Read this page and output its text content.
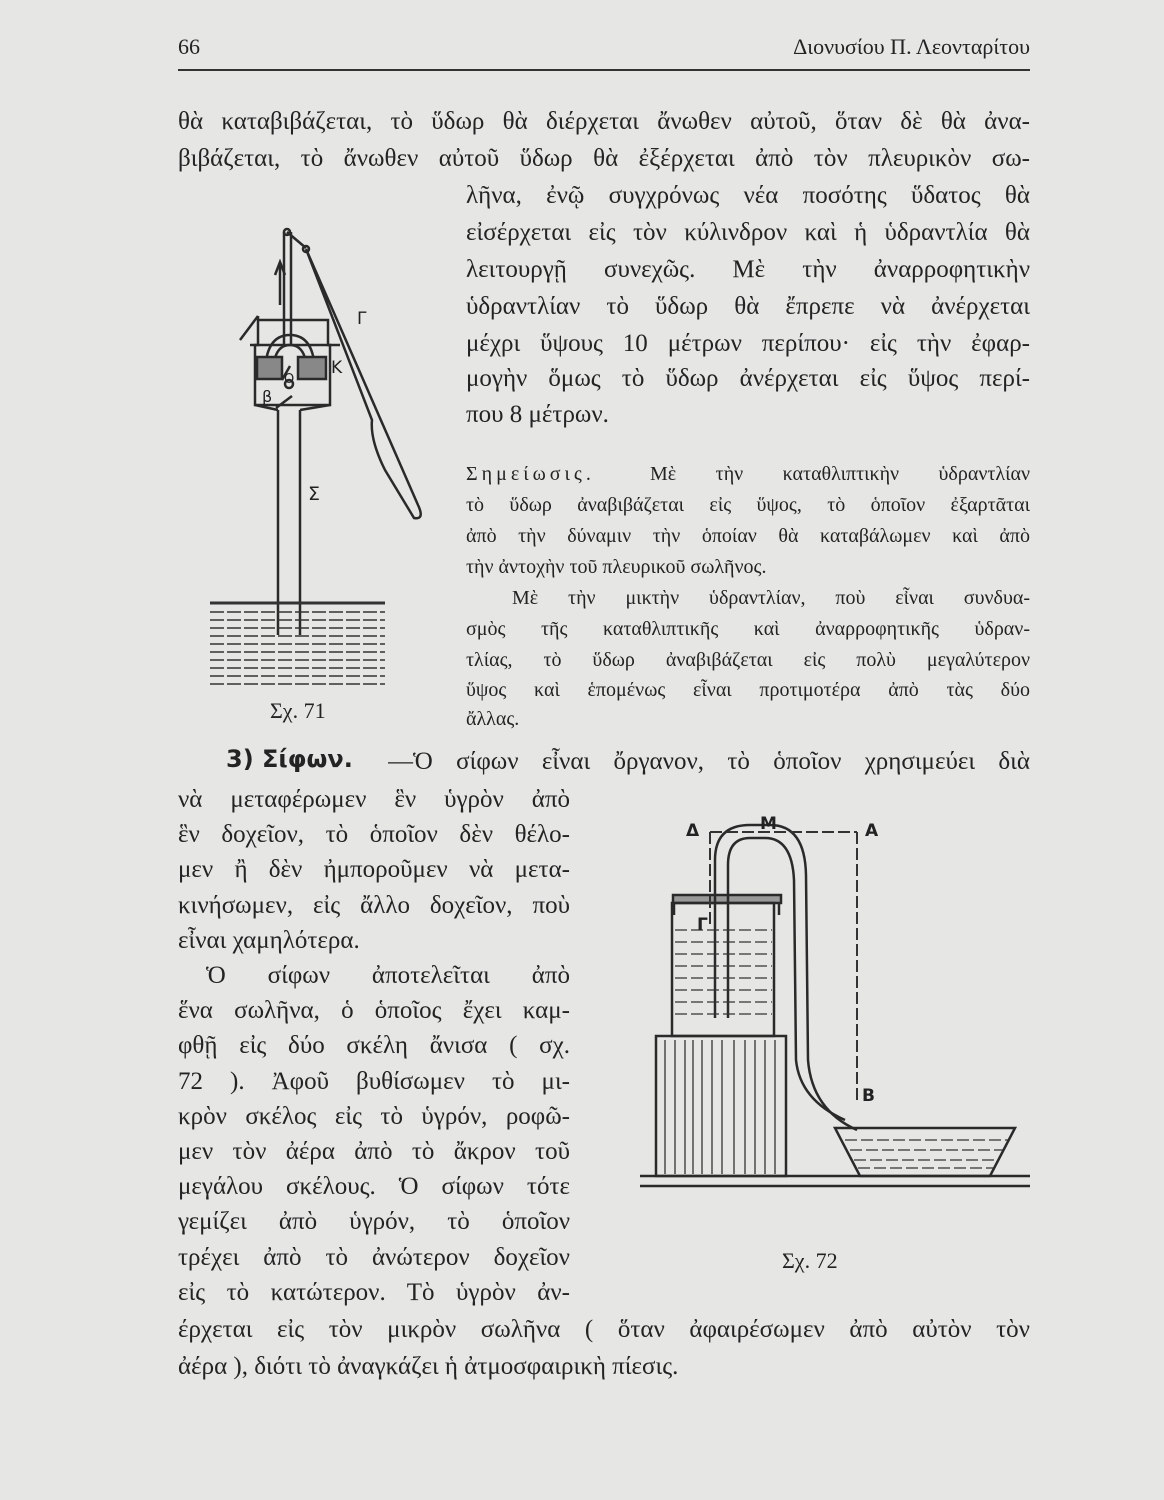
66	Διονυσίου Π. Λεονταρίτου
θὰ καταβιβάζεται, τὸ ὕδωρ θὰ διέρχεται ἄνωθεν αὐτοῦ, ὅταν δὲ θὰ ἀνα-
βιβάζεται, τὸ ἄνωθεν αὐτοῦ ὕδωρ θὰ ἐξέρχεται ἀπὸ τὸν πλευρικὸν σω-
λῆνα, ἐνῷ συγχρόνως νέα ποσότης ὕδατος θὰ
εἰσέρχεται εἰς τὸν κύλινδρον καὶ ἡ ὑδραντλία θὰ
λειτουργῇ συνεχῶς. Μὲ τὴν ἀναρροφητικὴν
ὑδραντλίαν τὸ ὕδωρ θὰ ἔπρεπε νὰ ἀνέρχεται
μέχρι ὕψους 10 μέτρων περίπου· εἰς τὴν ἐφαρ-
μογὴν ὅμως τὸ ὕδωρ ἀνέρχεται εἰς ὕψος περί-
που 8 μέτρων.
Σημείωσις.	Μὲ τὴν καταθλιπτικὴν ὑδραντλίαν
τὸ ὕδωρ ἀναβιβάζεται εἰς ὕψος, τὸ ὁποῖον ἐξαρτᾶται
ἀπὸ τὴν δύναμιν τὴν ὁποίαν θὰ καταβάλωμεν καὶ ἀπὸ
τὴν ἀντοχὴν τοῦ πλευρικοῦ σωλῆνος.
Μὲ τὴν μικτὴν ὑδραντλίαν, ποὺ εἶναι συνδυα-
σμὸς τῆς καταθλιπτικῆς καὶ ἀναρροφητικῆς ὑδραν-
τλίας, τὸ ὕδωρ ἀναβιβάζεται εἰς πολὺ μεγαλύτερον
ὕψος καὶ ἑπομένως εἶναι προτιμοτέρα ἀπὸ τὰς δύο
ἄλλας.
Σχ. 71
3) Σίφων. —Ὁ σίφων εἶναι ὄργανον, τὸ ὁποῖον χρησιμεύει διὰ
νὰ μεταφέρωμεν ἓν ὑγρὸν ἀπὸ
ἓν δοχεῖον, τὸ ὁποῖον δὲν θέλο-
μεν ἢ δὲν ἠμποροῦμεν νὰ μετα-
κινήσωμεν, εἰς ἄλλο δοχεῖον, ποὺ
εἶναι χαμηλότερα.
Ὁ σίφων ἀποτελεῖται ἀπὸ
ἕνα σωλῆνα, ὁ ὁποῖος ἔχει καμ-
φθῇ εἰς δύο σκέλη ἄνισα ( σχ.
72 ). Ἀφοῦ βυθίσωμεν τὸ μι-
κρὸν σκέλος εἰς τὸ ὑγρόν, ροφῶ-
μεν τὸν ἀέρα ἀπὸ τὸ ἄκρον τοῦ
μεγάλου σκέλους. Ὁ σίφων τότε
γεμίζει ἀπὸ ὑγρόν, τὸ ὁποῖον
τρέχει ἀπὸ τὸ ἀνώτερον δοχεῖον
εἰς τὸ κατώτερον. Τὸ ὑγρὸν ἀν-
έρχεται εἰς τὸν μικρὸν σωλῆνα ( ὅταν ἀφαιρέσωμεν ἀπὸ αὐτὸν τὸν
ἀέρα ), διότι τὸ ἀναγκάζει ἡ ἀτμοσφαιρικὴ πίεσις.
Σχ. 72
Γ
Κ
Ο
β
Σ
Δ	Μ	Α
Γ
Β
